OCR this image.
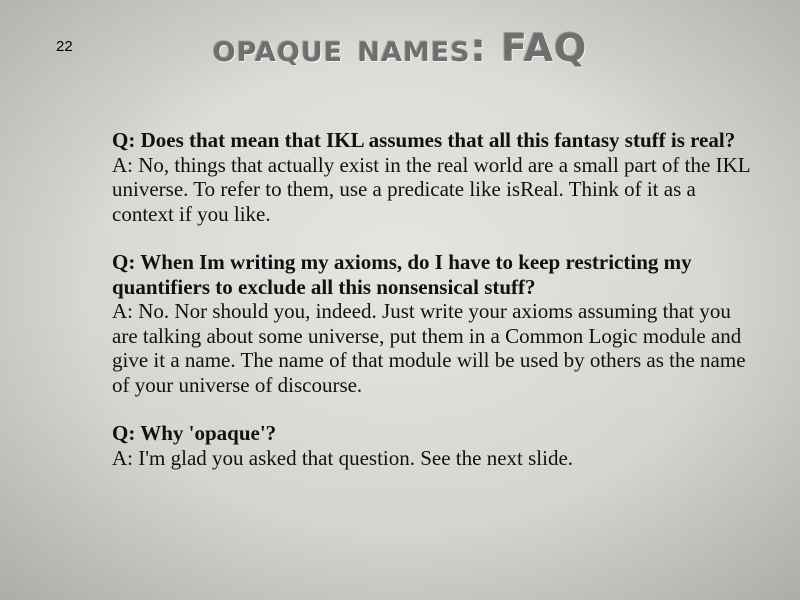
22	opaque names: FAQ
Q: Does that mean that IKL assumes that all this fantasy stuff is real?
A: No, things that actually exist in the real world are a small part of the IKL universe. To refer to them, use a predicate like isReal. Think of it as a context if you like.
Q: When Im writing my axioms, do I have to keep restricting my quantifiers to exclude all this nonsensical stuff?
A: No. Nor should you, indeed. Just write your axioms assuming that you are talking about some universe, put them in a Common Logic module and give it a name. The name of that module will be used by others as the name of your universe of discourse.
Q: Why 'opaque'?
A: I'm glad you asked that question. See the next slide.
